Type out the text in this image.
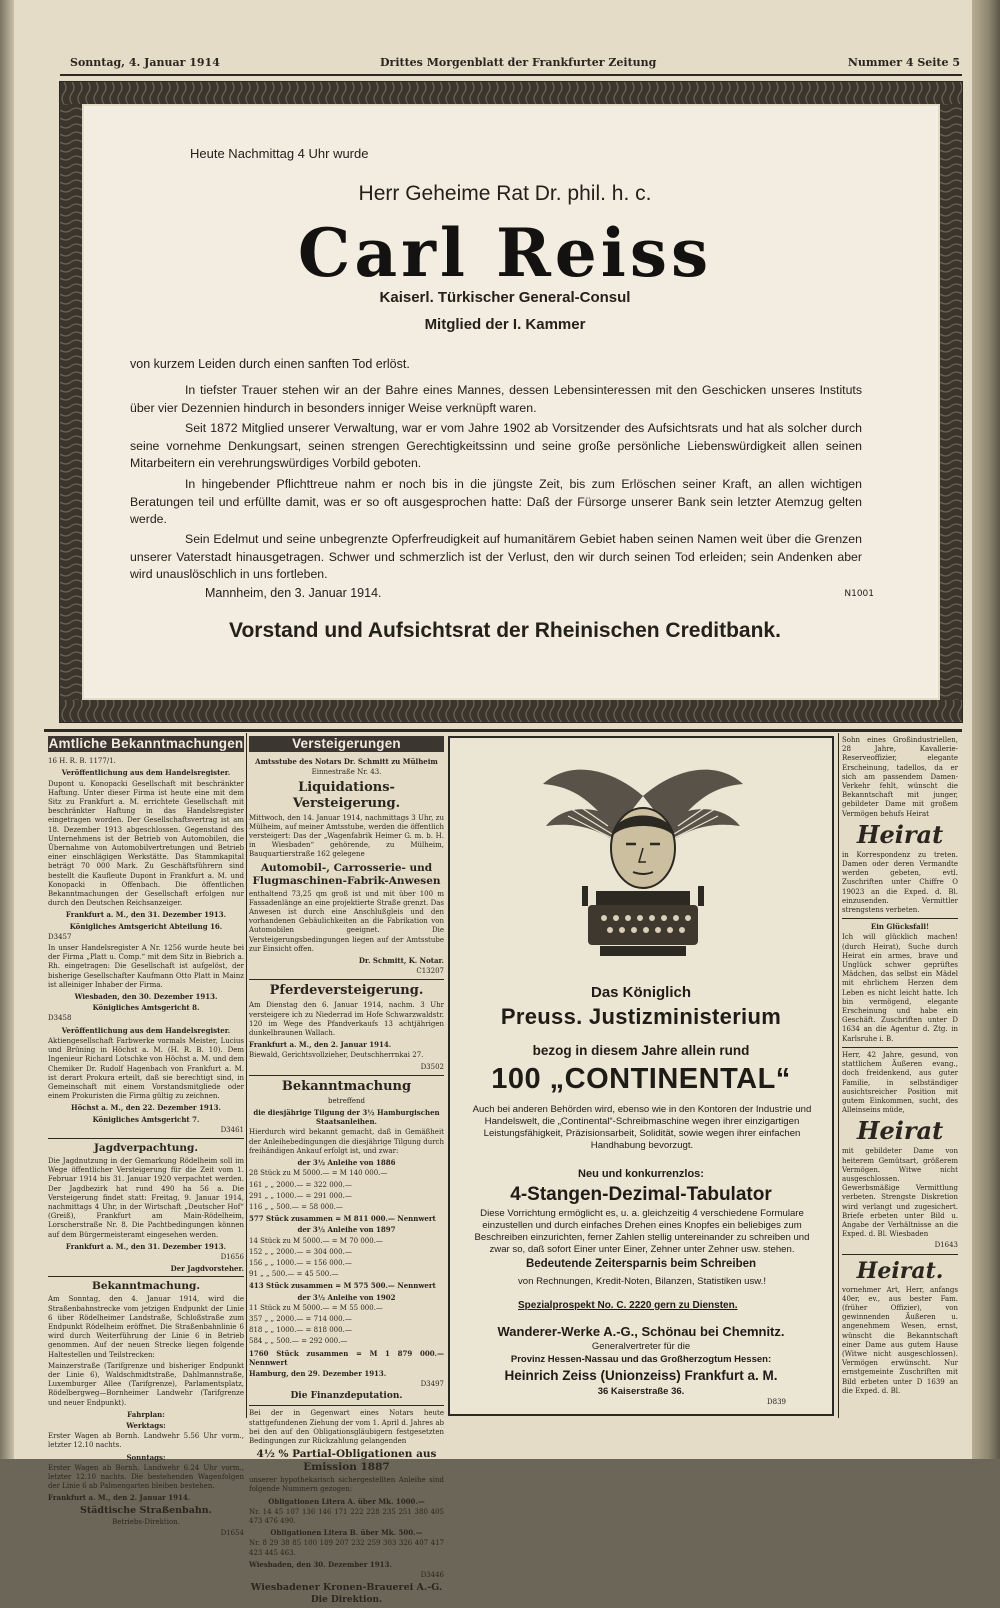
Sonntag, 4. Januar 1914	Drittes Morgenblatt der Frankfurter Zeitung	Nummer 4 Seite 5
Heute Nachmittag 4 Uhr wurde
Herr Geheime Rat Dr. phil. h. c.
Carl Reiss
Kaiserl. Türkischer General-Consul
Mitglied der I. Kammer
von kurzem Leiden durch einen sanften Tod erlöst.
In tiefster Trauer stehen wir an der Bahre eines Mannes, dessen Lebensinteressen mit den Geschicken unseres Instituts über vier Dezennien hindurch in besonders inniger Weise verknüpft waren.
Seit 1872 Mitglied unserer Verwaltung, war er vom Jahre 1902 ab Vorsitzender des Aufsichtsrats und hat als solcher durch seine vornehme Denkungsart, seinen strengen Gerechtigkeitssinn und seine große persönliche Liebenswürdigkeit allen seinen Mitarbeitern ein verehrungswürdiges Vorbild geboten.
In hingebender Pflichttreue nahm er noch bis in die jüngste Zeit, bis zum Erlöschen seiner Kraft, an allen wichtigen Beratungen teil und erfüllte damit, was er so oft ausgesprochen hatte: Daß der Fürsorge unserer Bank sein letzter Atemzug gelten werde.
Sein Edelmut und seine unbegrenzte Opferfreudigkeit auf humanitärem Gebiet haben seinen Namen weit über die Grenzen unserer Vaterstadt hinausgetragen. Schwer und schmerzlich ist der Verlust, den wir durch seinen Tod erleiden; sein Andenken aber wird unauslöschlich in uns fortleben.
Mannheim, den 3. Januar 1914.	N1001
Vorstand und Aufsichtsrat der Rheinischen Creditbank.
Amtliche Bekanntmachungen
16 H. R. B. 1177/1.
Veröffentlichung aus dem Handelsregister.
Dupont u. Konopacki Gesellschaft mit beschränkter Haftung. Unter dieser Firma ist heute eine mit dem Sitz zu Frankfurt a. M. errichtete Gesellschaft mit beschränkter Haftung in das Handelsregister eingetragen worden. Der Gesellschaftsvertrag ist am 18. Dezember 1913 abgeschlossen. Gegenstand des Unternehmens ist der Betrieb von Automobilen, die Übernahme von Automobilvertretungen und Betrieb einer einschlägigen Werkstätte. Das Stammkapital beträgt 70 000 Mark. Zu Geschäftsführern sind bestellt die Kaufleute Dupont in Frankfurt a. M. und Konopacki in Offenbach. Die öffentlichen Bekanntmachungen der Gesellschaft erfolgen nur durch den Deutschen Reichsanzeiger.
Frankfurt a. M., den 31. Dezember 1913.
Königliches Amtsgericht Abteilung 16.
D3457
In unser Handelsregister A Nr. 1256 wurde heute bei der Firma „Platt u. Comp.“ mit dem Sitz in Biebrich a. Rh. eingetragen: Die Gesellschaft ist aufgelöst, der bisherige Gesellschafter Kaufmann Otto Platt in Mainz ist alleiniger Inhaber der Firma.
Wiesbaden, den 30. Dezember 1913.
Königliches Amtsgericht 8.
D3458
Veröffentlichung aus dem Handelsregister.
Aktiengesellschaft Farbwerke vormals Meister, Lucius und Brüning in Höchst a. M. (H. R. B. 10). Dem Ingenieur Richard Lotschke von Höchst a. M. und dem Chemiker Dr. Rudolf Hagenbach von Frankfurt a. M. ist derart Prokura erteilt, daß sie berechtigt sind, in Gemeinschaft mit einem Vorstandsmitgliede oder einem Prokuristen die Firma gültig zu zeichnen.
Höchst a. M., den 22. Dezember 1913.
Königliches Amtsgericht 7.
D3461
Jagdverpachtung.
Die Jagdnutzung in der Gemarkung Rödelheim soll im Wege öffentlicher Versteigerung für die Zeit vom 1. Februar 1914 bis 31. Januar 1920 verpachtet werden. Der Jagdbezirk hat rund 490 ha 56 a. Die Versteigerung findet statt: Freitag, 9. Januar 1914, nachmittags 4 Uhr, in der Wirtschaft „Deutscher Hof“ (Greiß), Frankfurt am Main-Rödelheim, Lorscherstraße Nr. 8. Die Pachtbedingungen können auf dem Bürgermeisteramt eingesehen werden.
Frankfurt a. M., den 31. Dezember 1913.
D1656
Der Jagdvorsteher.
Bekanntmachung.
Am Sonntag, den 4. Januar 1914, wird die Straßenbahnstrecke vom jetzigen Endpunkt der Linie 6 über Rödelheimer Landstraße, Schloßstraße zum Endpunkt Rödelheim eröffnet. Die Straßenbahnlinie 6 wird durch Weiterführung der Linie 6 in Betrieb genommen. Auf der neuen Strecke liegen folgende Haltestellen und Teilstrecken:
Mainzerstraße (Tarifgrenze und bisheriger Endpunkt der Linie 6), Waldschmidtstraße, Dahlmannstraße, Luxemburger Allee (Tarifgrenze), Parlamentsplatz, Rödelbergweg—Bornheimer Landwehr (Tarifgrenze und neuer Endpunkt).
Fahrplan:
Werktags:
Erster Wagen ab Bornh. Landwehr 5.56 Uhr vorm., letzter 12.10 nachts.
Sonntags:
Erster Wagen ab Bornh. Landwehr 6.24 Uhr vorm., letzter 12.10 nachts. Die bestehenden Wagenfolgen der Linie 6 ab Palmengarten bleiben bestehen.
Frankfurt a. M., den 2. Januar 1914.
Städtische Straßenbahn.
Betriebs-Direktion.
D1654
Versteigerungen
Amtsstube des Notars Dr. Schmitt zu Mülheim
Einnestraße Nr. 43.
Liquidations-Versteigerung.
Mittwoch, den 14. Januar 1914, nachmittags 3 Uhr, zu Mülheim, auf meiner Amtsstube, werden die öffentlich versteigert: Das der „Wagenfabrik Heimer G. m. b. H. in Wiesbaden“ gehörende, zu Mülheim, Bauquartierstraße 162 gelegene
Automobil-, Carrosserie- und Flugmaschinen-Fabrik-Anwesen
enthaltend 73,25 qm groß ist und mit über 100 m Fassadenlänge an eine projektierte Straße grenzt. Das Anwesen ist durch eine Anschlußgleis und den vorhandenen Gebäulichkeiten an die Fabrikation von Automobilen geeignet. Die Versteigerungsbedingungen liegen auf der Amtsstube zur Einsicht offen.
Dr. Schmitt, K. Notar.
C13207
Pferdeversteigerung.
Am Dienstag den 6. Januar 1914, nachm. 3 Uhr versteigere ich zu Niederrad im Hofe Schwarzwaldstr. 120 im Wege des Pfandverkaufs 13 achtjährigen dunkelbraunen Wallach.
Frankfurt a. M., den 2. Januar 1914.
Biewald, Gerichtsvollzieher, Deutschherrnkai 27.
D3502
Bekanntmachung
betreffend
die diesjährige Tilgung der 3½ Hamburgischen Staatsanleihen.
Hierdurch wird bekannt gemacht, daß in Gemäßheit der Anleihebedingungen die diesjährige Tilgung durch freihändigen Ankauf erfolgt ist, und zwar:
der 3½ Anleihe von 1886
28 Stück zu M 5000.— = M 140 000.—
161 „ „ 2000.— = 322 000.—
291 „ „ 1000.— = 291 000.—
116 „ „ 500.— = 58 000.—
577 Stück zusammen = M 811 000.— Nennwert
der 3½ Anleihe von 1897
14 Stück zu M 5000.— = M 70 000.—
152 „ „ 2000.— = 304 000.—
156 „ „ 1000.— = 156 000.—
91 „ „ 500.— = 45 500.—
413 Stück zusammen = M 575 500.— Nennwert
der 3½ Anleihe von 1902
11 Stück zu M 5000.— = M 55 000.—
357 „ „ 2000.— = 714 000.—
818 „ „ 1000.— = 818 000.—
584 „ „ 500.— = 292 000.—
1760 Stück zusammen = M 1 879 000.— Nennwert
Hamburg, den 29. Dezember 1913.
D3497
Die Finanzdeputation.
Bei der in Gegenwart eines Notars heute stattgefundenen Ziehung der vom 1. April d. Jahres ab bei den auf den Obligationsgläubigern festgesetzten Bedingungen zur Rückzahlung gelangenden
4½ % Partial-Obligationen aus Emission 1887
unserer hypothekarisch sichergestellten Anleihe sind folgende Nummern gezogen:
Obligationen Litera A. über Mk. 1000.—
Nr. 14 45 107 136 146 171 222 228 235 251 380 405 473 476 490.
Obligationen Litera B. über Mk. 500.—
Nr. 8 29 38 85 100 189 207 232 259 303 326 407 417 423 445 463.
Wiesbaden, den 30. Dezember 1913.
D3446
Wiesbadener Kronen-Brauerei A.-G.
Die Direktion.
Das Königlich
Preuss. Justizministerium
bezog in diesem Jahre allein rund
100 „CONTINENTAL“
Auch bei anderen Behörden wird, ebenso wie in den Kontoren der Industrie und Handelswelt, die „Continental“-Schreibmaschine wegen ihrer einzigartigen Leistungsfähigkeit, Präzisionsarbeit, Solidität, sowie wegen ihrer einfachen Handhabung bevorzugt.
Neu und konkurrenzlos:
4-Stangen-Dezimal-Tabulator
Diese Vorrichtung ermöglicht es, u. a. gleichzeitig 4 verschiedene Formulare einzustellen und durch einfaches Drehen eines Knopfes ein beliebiges zum Beschreiben einzurichten, ferner Zahlen stellig untereinander zu schreiben und zwar so, daß sofort Einer unter Einer, Zehner unter Zehner usw. stehen.
Bedeutende Zeitersparnis beim Schreiben
von Rechnungen, Kredit-Noten, Bilanzen, Statistiken usw.!
Spezialprospekt No. C. 2220 gern zu Diensten.
Wanderer-Werke A.-G., Schönau bei Chemnitz.
Generalvertreter für die
Provinz Hessen-Nassau und das Großherzogtum Hessen:
Heinrich Zeiss (Unionzeiss) Frankfurt a. M.
36 Kaiserstraße 36.
D839
Sohn eines Großindustriellen, 28 Jahre, Kavallerie-Reserveoffizier, elegante Erscheinung, tadellos, da er sich am passendem Damen-Verkehr fehlt, wünscht die Bekanntschaft mit junger, gebildeter Dame mit großem Vermögen behufs Heirat
Heirat
in Korrespondenz zu treten. Damen oder deren Vermandte werden gebeten, evtl. Zuschriften unter Chiffre O 19023 an die Exped. d. Bl. einzusenden. Vermittler strengstens verbeten.
Ein Glücksfall!
Ich will glücklich machen! (durch Heirat), Suche durch Heirat ein armes, brave und Unglück schwer geprüftes Mädchen, das selbst ein Mädel mit ehrlichem Herzen dem Leben es nicht leicht hatte. Ich bin vermögend, elegante Erscheinung und habe ein Geschäft. Zuschriften unter D 1634 an die Agentur d. Ztg. in Karlsruhe i. B.
Herr, 42 Jahre, gesund, von stattlichem Äußeren evang., doch freidenkend, aus guter Familie, in selbständiger ausichtsreicher Position mit gutem Einkommen, sucht, des Alleinseins müde,
Heirat
mit gebildeter Dame von heiterem Gemütsart, größerem Vermögen. Witwe nicht ausgeschlossen. Gewerbsmäßige Vermittlung verbeten. Strengste Diskretion wird verlangt und zugesichert. Briefe erbeten unter Bild u. Angabe der Verhältnisse an die Exped. d. Bl. Wiesbaden
D1643
Heirat.
vornehmer Art, Herr, anfangs 40er, ev., aus bester Fam. (früher Offizier), von gewinnenden Äußeren u. angenehmem Wesen, ernst, wünscht die Bekanntschaft einer Dame aus gutem Hause (Witwe nicht ausgeschlossen). Vermögen erwünscht. Nur ernstgemeinte Zuschriften mit Bild erbeten unter D 1639 an die Exped. d. Bl.
